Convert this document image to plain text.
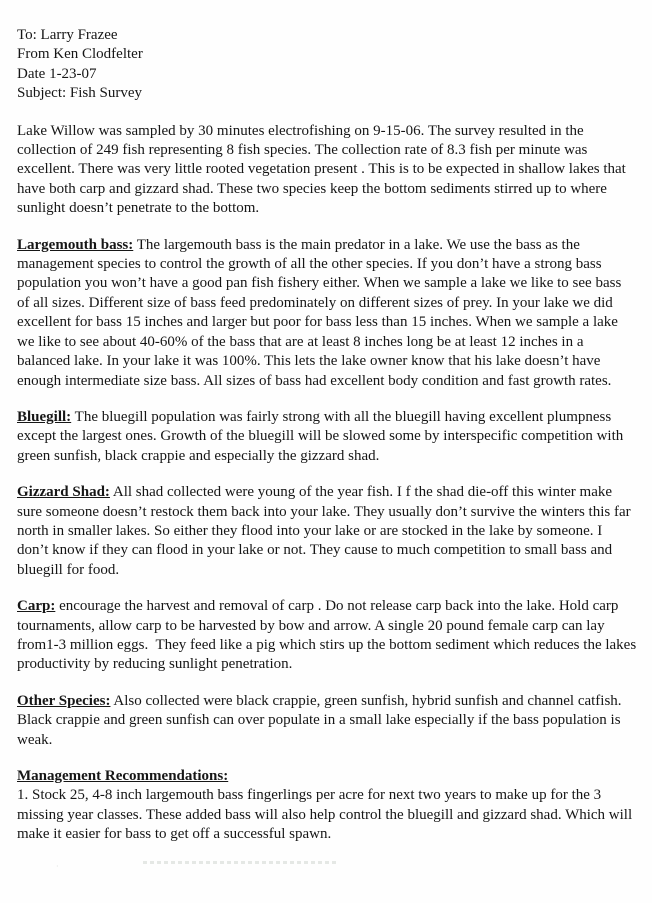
To: Larry Frazee
From Ken Clodfelter
Date 1-23-07
Subject: Fish Survey

Lake Willow was sampled by 30 minutes electrofishing on 9-15-06. The survey resulted in the collection of 249 fish representing 8 fish species. The collection rate of 8.3 fish per minute was excellent. There was very little rooted vegetation present . This is to be expected in shallow lakes that have both carp and gizzard shad. These two species keep the bottom sediments stirred up to where sunlight doesn’t penetrate to the bottom.

Largemouth bass: The largemouth bass is the main predator in a lake. We use the bass as the management species to control the growth of all the other species. If you don’t have a strong bass population you won’t have a good pan fish fishery either. When we sample a lake we like to see bass of all sizes. Different size of bass feed predominately on different sizes of prey. In your lake we did excellent for bass 15 inches and larger but poor for bass less than 15 inches. When we sample a lake we like to see about 40-60% of the bass that are at least 8 inches long be at least 12 inches in a balanced lake. In your lake it was 100%. This lets the lake owner know that his lake doesn’t have enough intermediate size bass. All sizes of bass had excellent body condition and fast growth rates.

Bluegill: The bluegill population was fairly strong with all the bluegill having excellent plumpness except the largest ones. Growth of the bluegill will be slowed some by interspecific competition with green sunfish, black crappie and especially the gizzard shad.

Gizzard Shad: All shad collected were young of the year fish. I f the shad die-off this winter make sure someone doesn’t restock them back into your lake. They usually don’t survive the winters this far north in smaller lakes. So either they flood into your lake or are stocked in the lake by someone. I don’t know if they can flood in your lake or not. They cause to much competition to small bass and bluegill for food.

Carp: encourage the harvest and removal of carp . Do not release carp back into the lake. Hold carp tournaments, allow carp to be harvested by bow and arrow. A single 20 pound female carp can lay from1-3 million eggs.  They feed like a pig which stirs up the bottom sediment which reduces the lakes productivity by reducing sunlight penetration.

Other Species: Also collected were black crappie, green sunfish, hybrid sunfish and channel catfish. Black crappie and green sunfish can over populate in a small lake especially if the bass population is weak.

Management Recommendations:
1. Stock 25, 4-8 inch largemouth bass fingerlings per acre for next two years to make up for the 3 missing year classes. These added bass will also help control the bluegill and gizzard shad. Which will make it easier for bass to get off a successful spawn.

·
